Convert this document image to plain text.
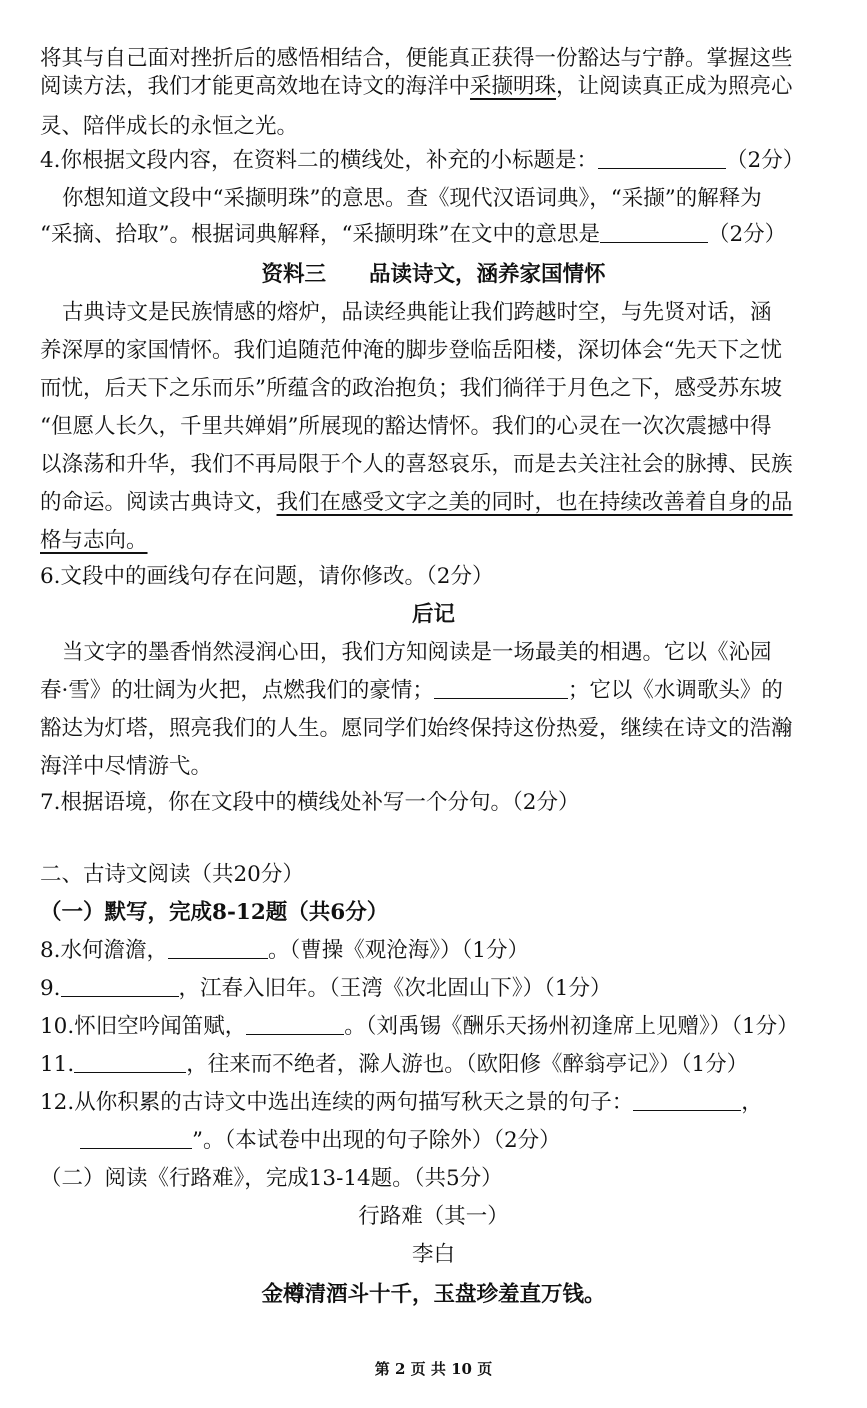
将其与自己面对挫折后的感悟相结合，便能真正获得一份豁达与宁静。掌握这些
阅读方法，我们才能更高效地在诗文的海洋中采撷明珠，让阅读真正成为照亮心
灵、陪伴成长的永恒之光。
4.你根据文段内容，在资料二的横线处，补充的小标题是：	（2分）
你想知道文段中“采撷明珠”的意思。查《现代汉语词典》，“采撷”的解释为
“采摘、拾取”。根据词典解释，“采撷明珠”在文中的意思是	（2分）
资料三　　品读诗文，涵养家国情怀
古典诗文是民族情感的熔炉，品读经典能让我们跨越时空，与先贤对话，涵
养深厚的家国情怀。我们追随范仲淹的脚步登临岳阳楼，深切体会“先天下之忧
而忧，后天下之乐而乐”所蕴含的政治抱负；我们徜徉于月色之下，感受苏东坡
“但愿人长久，千里共婵娟”所展现的豁达情怀。我们的心灵在一次次震撼中得
以涤荡和升华，我们不再局限于个人的喜怒哀乐，而是去关注社会的脉搏、民族
的命运。阅读古典诗文，我们在感受文字之美的同时，也在持续改善着自身的品
格与志向。
6.文段中的画线句存在问题，请你修改。（2分）
后记
当文字的墨香悄然浸润心田，我们方知阅读是一场最美的相遇。它以《沁园
春·雪》的壮阔为火把，点燃我们的豪情；	；它以《水调歌头》的
豁达为灯塔，照亮我们的人生。愿同学们始终保持这份热爱，继续在诗文的浩瀚
海洋中尽情游弋。
7.根据语境，你在文段中的横线处补写一个分句。（2分）
二、古诗文阅读（共20分）
（一）默写，完成8-12题（共6分）
8.水何澹澹，	。（曹操《观沧海》）（1分）
9.	，江春入旧年。（王湾《次北固山下》）（1分）
10.怀旧空吟闻笛赋，	。（刘禹锡《酬乐天扬州初逢席上见赠》）（1分）
11.	，往来而不绝者，滁人游也。（欧阳修《醉翁亭记》）（1分）
12.从你积累的古诗文中选出连续的两句描写秋天之景的句子：	，
”。（本试卷中出现的句子除外）（2分）
（二）阅读《行路难》，完成13-14题。（共5分）
行路难（其一）
李白
金樽清酒斗十千，玉盘珍羞直万钱。
第 2 页 共 10 页
